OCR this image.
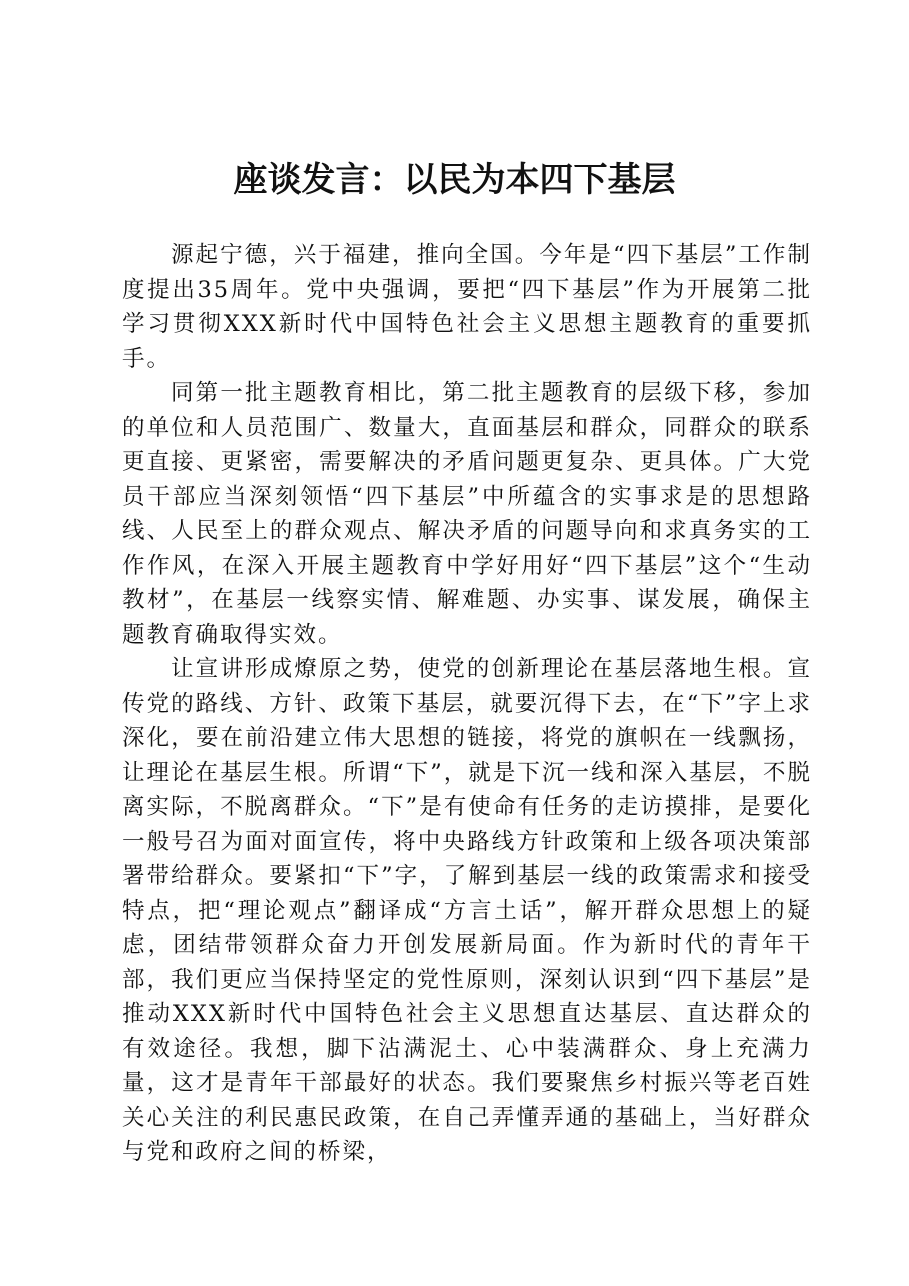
座谈发言：以民为本四下基层

源起宁德，兴于福建，推向全国。今年是“四下基层”工作制度提出35周年。党中央强调，要把“四下基层”作为开展第二批学习贯彻XXX新时代中国特色社会主义思想主题教育的重要抓手。

同第一批主题教育相比，第二批主题教育的层级下移，参加的单位和人员范围广、数量大，直面基层和群众，同群众的联系更直接、更紧密，需要解决的矛盾问题更复杂、更具体。广大党员干部应当深刻领悟“四下基层”中所蕴含的实事求是的思想路线、人民至上的群众观点、解决矛盾的问题导向和求真务实的工作作风，在深入开展主题教育中学好用好“四下基层”这个“生动教材”，在基层一线察实情、解难题、办实事、谋发展，确保主题教育确取得实效。

让宣讲形成燎原之势，使党的创新理论在基层落地生根。宣传党的路线、方针、政策下基层，就要沉得下去，在“下”字上求深化，要在前沿建立伟大思想的链接，将党的旗帜在一线飘扬，让理论在基层生根。所谓“下”，就是下沉一线和深入基层，不脱离实际，不脱离群众。“下”是有使命有任务的走访摸排，是要化一般号召为面对面宣传，将中央路线方针政策和上级各项决策部署带给群众。要紧扣“下”字，了解到基层一线的政策需求和接受特点，把“理论观点”翻译成“方言土话”，解开群众思想上的疑虑，团结带领群众奋力开创发展新局面。作为新时代的青年干部，我们更应当保持坚定的党性原则，深刻认识到“四下基层”是推动XXX新时代中国特色社会主义思想直达基层、直达群众的有效途径。我想，脚下沾满泥土、心中装满群众、身上充满力量，这才是青年干部最好的状态。我们要聚焦乡村振兴等老百姓关心关注的利民惠民政策，在自己弄懂弄通的基础上，当好群众与党和政府之间的桥梁，
